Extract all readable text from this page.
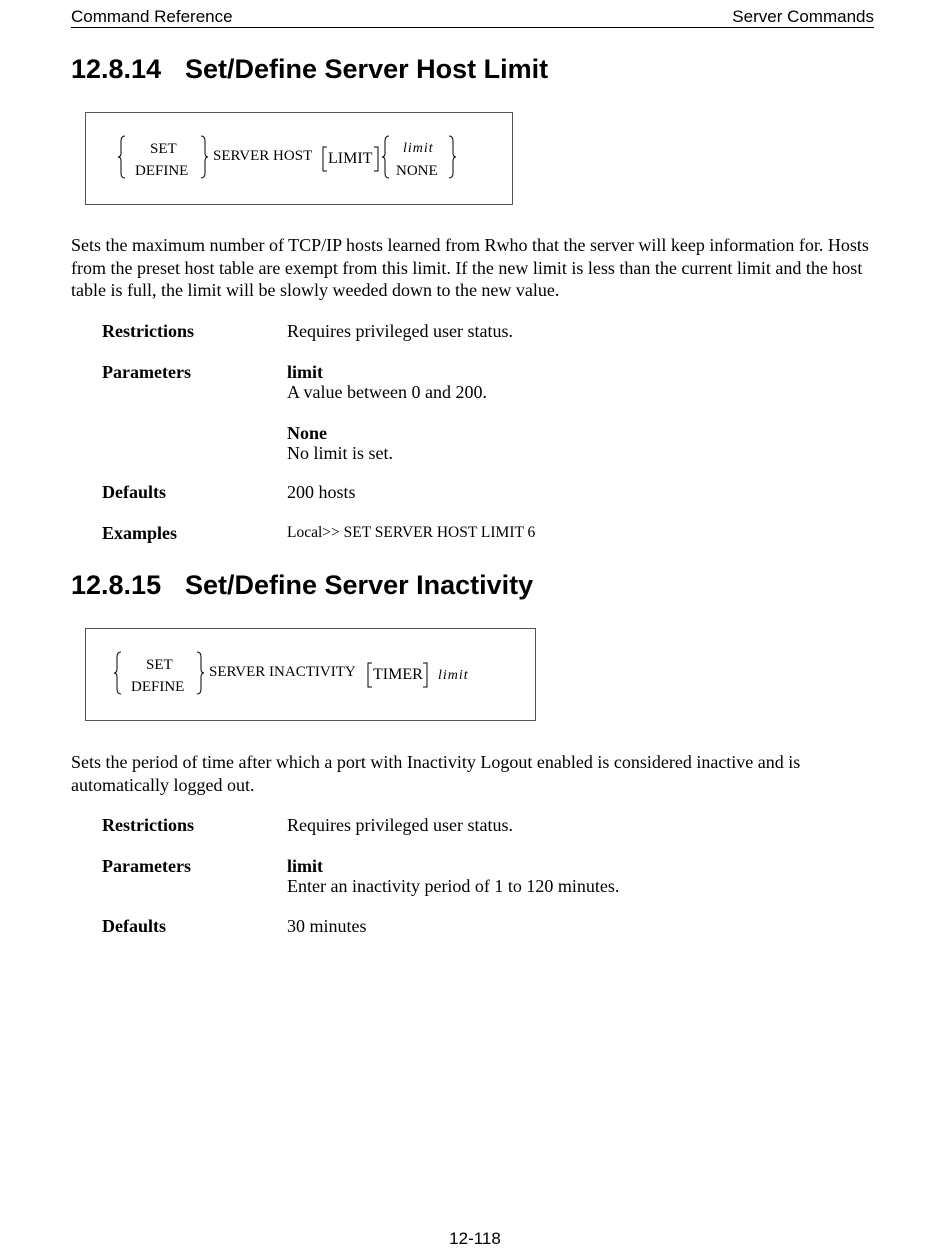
Command Reference	Server Commands
12.8.14 Set/Define Server Host Limit
SET
DEFINE
SERVER HOST LIMIT
limit
NONE
Sets the maximum number of TCP/IP hosts learned from Rwho that the server will keep information for. Hosts from the preset host table are exempt from this limit. If the new limit is less than the current limit and the host table is full, the limit will be slowly weeded down to the new value.
Restrictions	Requires privileged user status.
Parameters	limit
A value between 0 and 200.
None
No limit is set.
Defaults	200 hosts
Examples	Local>> SET SERVER HOST LIMIT 6
12.8.15 Set/Define Server Inactivity
SET
DEFINE
SERVER INACTIVITY TIMER limit
Sets the period of time after which a port with Inactivity Logout enabled is considered inactive and is automatically logged out.
Restrictions	Requires privileged user status.
Parameters	limit
Enter an inactivity period of 1 to 120 minutes.
Defaults	30 minutes
12-118
